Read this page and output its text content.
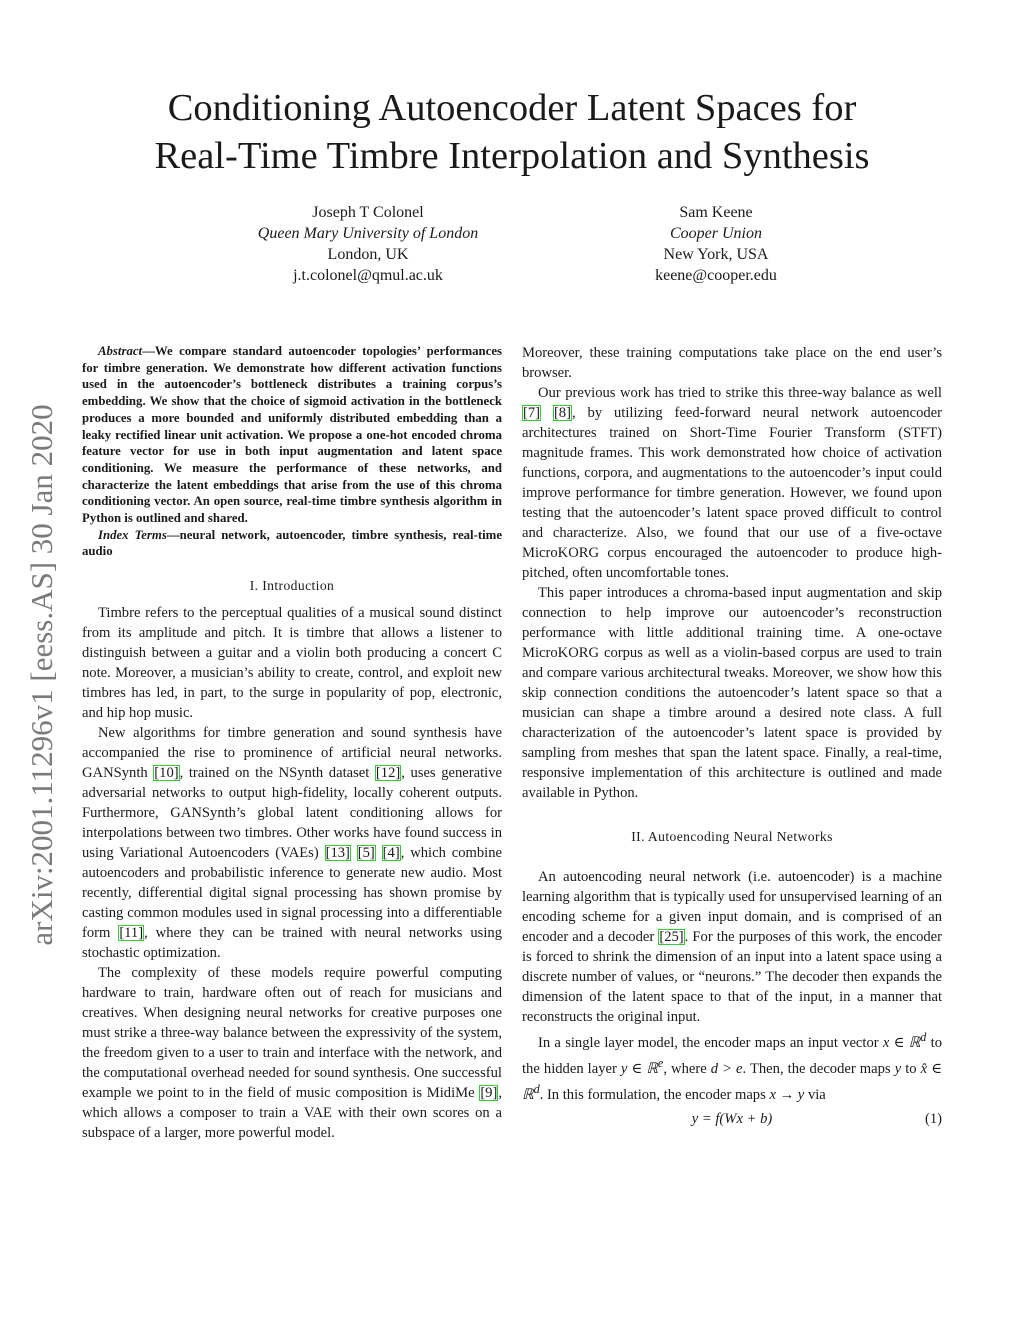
Conditioning Autoencoder Latent Spaces for
Real-Time Timbre Interpolation and Synthesis
Joseph T Colonel
Queen Mary University of London
London, UK
j.t.colonel@qmul.ac.uk
Sam Keene
Cooper Union
New York, USA
keene@cooper.edu
arXiv:2001.11296v1 [eess.AS] 30 Jan 2020

Abstract—We compare standard autoencoder topologies’ performances for timbre generation. We demonstrate how different activation functions used in the autoencoder’s bottleneck distributes a training corpus’s embedding. We show that the choice of sigmoid activation in the bottleneck produces a more bounded and uniformly distributed embedding than a leaky rectified linear unit activation. We propose a one-hot encoded chroma feature vector for use in both input augmentation and latent space conditioning. We measure the performance of these networks, and characterize the latent embeddings that arise from the use of this chroma conditioning vector. An open source, real-time timbre synthesis algorithm in Python is outlined and shared.

Index Terms—neural network, autoencoder, timbre synthesis, real-time audio

I. Introduction

Timbre refers to the perceptual qualities of a musical sound distinct from its amplitude and pitch. It is timbre that allows a listener to distinguish between a guitar and a violin both producing a concert C note. Moreover, a musician’s ability to create, control, and exploit new timbres has led, in part, to the surge in popularity of pop, electronic, and hip hop music.

New algorithms for timbre generation and sound synthesis have accompanied the rise to prominence of artificial neural networks. GANSynth [10], trained on the NSynth dataset [12], uses generative adversarial networks to output high-fidelity, locally coherent outputs. Furthermore, GANSynth’s global latent conditioning allows for interpolations between two timbres. Other works have found success in using Variational Autoencoders (VAEs) [13] [5] [4], which combine autoencoders and probabilistic inference to generate new audio. Most recently, differential digital signal processing has shown promise by casting common modules used in signal processing into a differentiable form [11], where they can be trained with neural networks using stochastic optimization.

The complexity of these models require powerful computing hardware to train, hardware often out of reach for musicians and creatives. When designing neural networks for creative purposes one must strike a three-way balance between the expressivity of the system, the freedom given to a user to train and interface with the network, and the computational overhead needed for sound synthesis. One successful example we point to in the field of music composition is MidiMe [9], which allows a composer to train a VAE with their own scores on a subspace of a larger, more powerful model.

Moreover, these training computations take place on the end user’s browser.

Our previous work has tried to strike this three-way balance as well [7] [8], by utilizing feed-forward neural network autoencoder architectures trained on Short-Time Fourier Transform (STFT) magnitude frames. This work demonstrated how choice of activation functions, corpora, and augmentations to the autoencoder’s input could improve performance for timbre generation. However, we found upon testing that the autoencoder’s latent space proved difficult to control and characterize. Also, we found that our use of a five-octave MicroKORG corpus encouraged the autoencoder to produce high-pitched, often uncomfortable tones.

This paper introduces a chroma-based input augmentation and skip connection to help improve our autoencoder’s reconstruction performance with little additional training time. A one-octave MicroKORG corpus as well as a violin-based corpus are used to train and compare various architectural tweaks. Moreover, we show how this skip connection conditions the autoencoder’s latent space so that a musician can shape a timbre around a desired note class. A full characterization of the autoencoder’s latent space is provided by sampling from meshes that span the latent space. Finally, a real-time, responsive implementation of this architecture is outlined and made available in Python.

II. Autoencoding Neural Networks

An autoencoding neural network (i.e. autoencoder) is a machine learning algorithm that is typically used for unsupervised learning of an encoding scheme for a given input domain, and is comprised of an encoder and a decoder [25]. For the purposes of this work, the encoder is forced to shrink the dimension of an input into a latent space using a discrete number of values, or “neurons.” The decoder then expands the dimension of the latent space to that of the input, in a manner that reconstructs the original input.

In a single layer model, the encoder maps an input vector x ∈ ℝ$^d$ to the hidden layer y ∈ ℝ$^e$, where d > e. Then, the decoder maps y to x̂ ∈ ℝ$^d$. In this formulation, the encoder maps x → y via

y = f(Wx + b)	(1)
